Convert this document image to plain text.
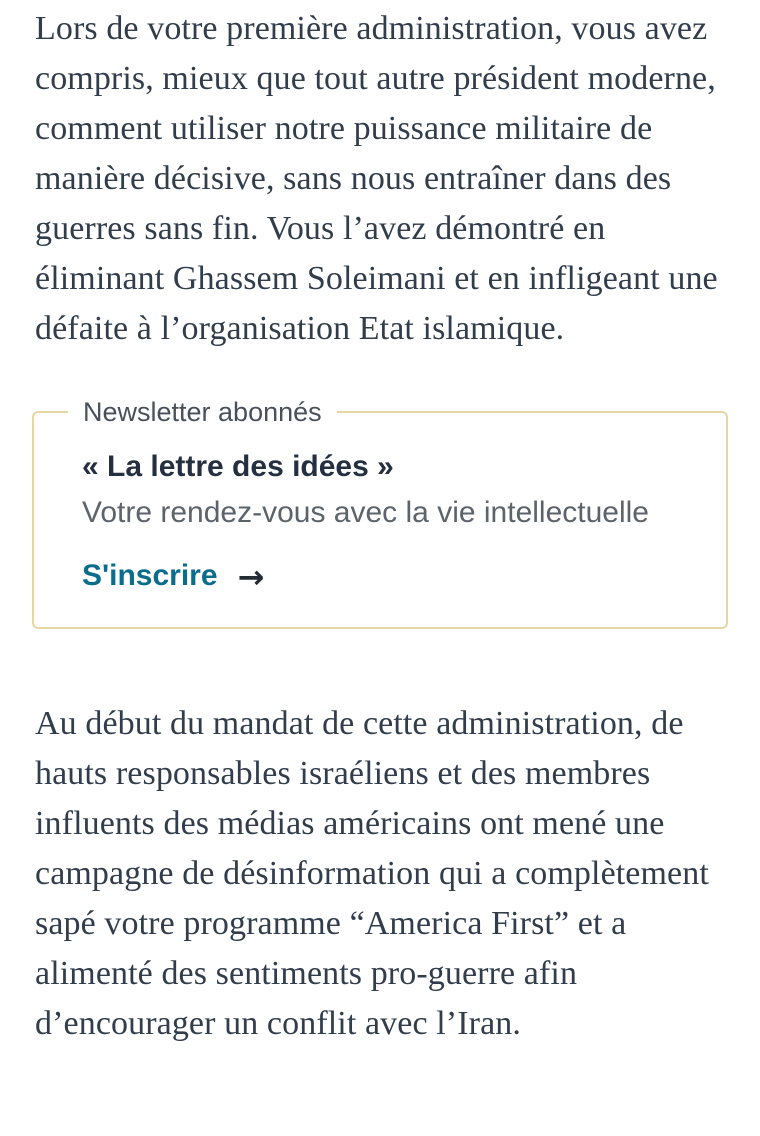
Lors de votre première administration, vous avez compris, mieux que tout autre président moderne, comment utiliser notre puissance militaire de manière décisive, sans nous entraîner dans des guerres sans fin. Vous l’avez démontré en éliminant Ghassem Soleimani et en infligeant une défaite à l’organisation Etat islamique.

Newsletter abonnés
« La lettre des idées »

Votre rendez-vous avec la vie intellectuelle

S'inscrire →

Au début du mandat de cette administration, de hauts responsables israéliens et des membres influents des médias américains ont mené une campagne de désinformation qui a complètement sapé votre programme “America First” et a alimenté des sentiments pro-guerre afin d’encourager un conflit avec l’Iran.
